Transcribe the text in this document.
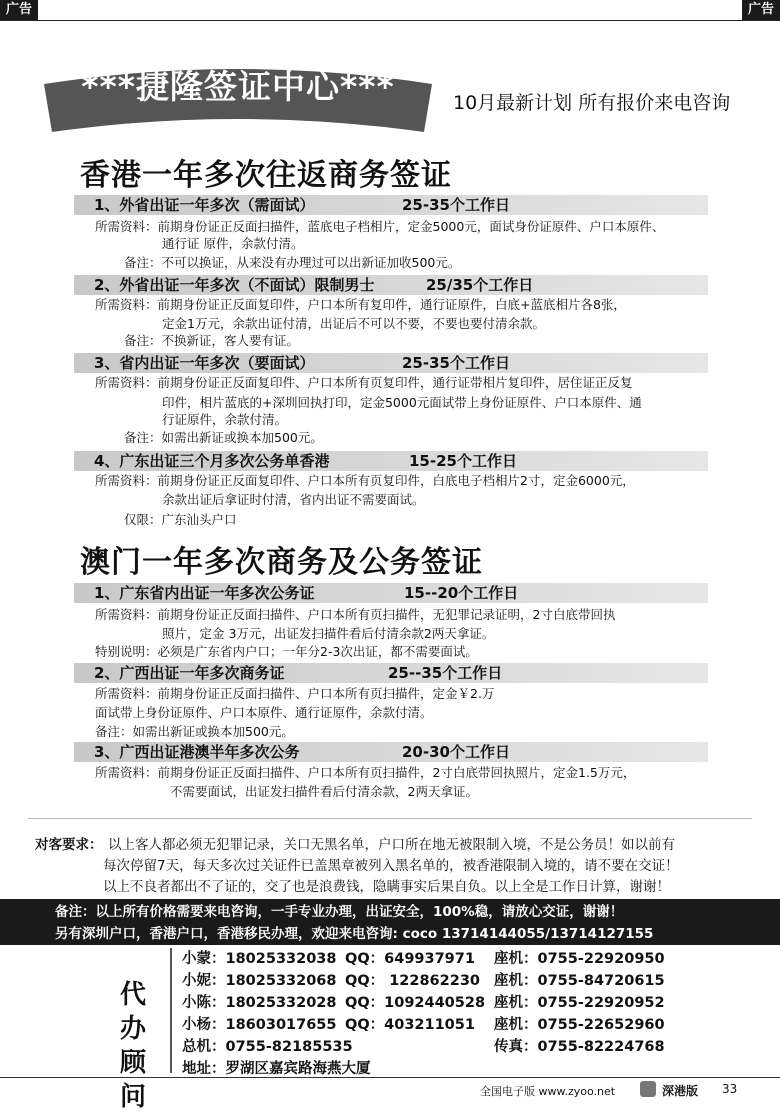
广告	广告
***捷隆签证中心***	10月最新计划 所有报价来电咨询
香港一年多次往返商务签证
1、外省出证一年多次（需面试）	25-35个工作日
所需资料：前期身份证正反面扫描件，蓝底电子档相片，定金5000元，面试身份证原件、户口本原件、
通行证 原件，余款付清。
备注：不可以换证，从来没有办理过可以出新证加收500元。
2、外省出证一年多次（不面试）限制男士	25/35个工作日
所需资料：前期身份证正反面复印件，户口本所有复印件，通行证原件，白底+蓝底相片各8张，
定金1万元，余款出证付清，出证后不可以不要，不要也要付清余款。
备注：不换新证，客人要有证。
3、省内出证一年多次（要面试）	25-35个工作日
所需资料：前期身份证正反面复印件、户口本所有页复印件，通行证带相片复印件，居住证正反复
印件，相片蓝底的+深圳回执打印，定金5000元面试带上身份证原件、户口本原件、通
行证原件，余款付清。
备注：如需出新证或换本加500元。
4、广东出证三个月多次公务单香港	15-25个工作日
所需资料：前期身份证正反面复印件、户口本所有页复印件，白底电子档相片2寸，定金6000元，
余款出证后拿证时付清，省内出证不需要面试。
仅限：广东汕头户口
澳门一年多次商务及公务签证
1、广东省内出证一年多次公务证	15--20个工作日
所需资料：前期身份证正反面扫描件、户口本所有页扫描件，无犯罪记录证明，2寸白底带回执
照片，定金 3万元，出证发扫描件看后付清余款2两天拿证。
特别说明：必须是广东省内户口；一年分2-3次出证，都不需要面试。
2、广西出证一年多次商务证	25--35个工作日
所需资料：前期身份证正反面扫描件、户口本所有页扫描件，定金￥2.万
面试带上身份证原件、户口本原件、通行证原件，余款付清。
备注：如需出新证或换本加500元。
3、广西出证港澳半年多次公务	20-30个工作日
所需资料：前期身份证正反面扫描件、户口本所有页扫描件，2寸白底带回执照片，定金1.5万元，
不需要面试，出证发扫描件看后付清余款，2两天拿证。
对客要求： 以上客人都必须无犯罪记录，关口无黑名单，户口所在地无被限制入境，不是公务员！如以前有
每次停留7天，每天多次过关证件已盖黑章被列入黑名单的，被香港限制入境的，请不要在交证！
以上不良者都出不了证的，交了也是浪费钱，隐瞒事实后果自负。以上全是工作日计算，谢谢！
备注：以上所有价格需要来电咨询，一手专业办理，出证安全，100%稳，请放心交证，谢谢！
另有深圳户口，香港户口，香港移民办理，欢迎来电咨询: coco 13714144055/13714127155
代办
顾问
小蒙：18025332038 QQ：649937971 座机：0755-22920950
小妮：18025332068 QQ： 122862230 座机：0755-84720615
小陈：18025332028 QQ：1092440528 座机：0755-22920952
小杨：18603017655 QQ：403211051 座机：0755-22652960
总机：0755-82185535	传真：0755-82224768
地址：罗湖区嘉宾路海燕大厦
全国电子版 www.zyoo.net	深港版 33
